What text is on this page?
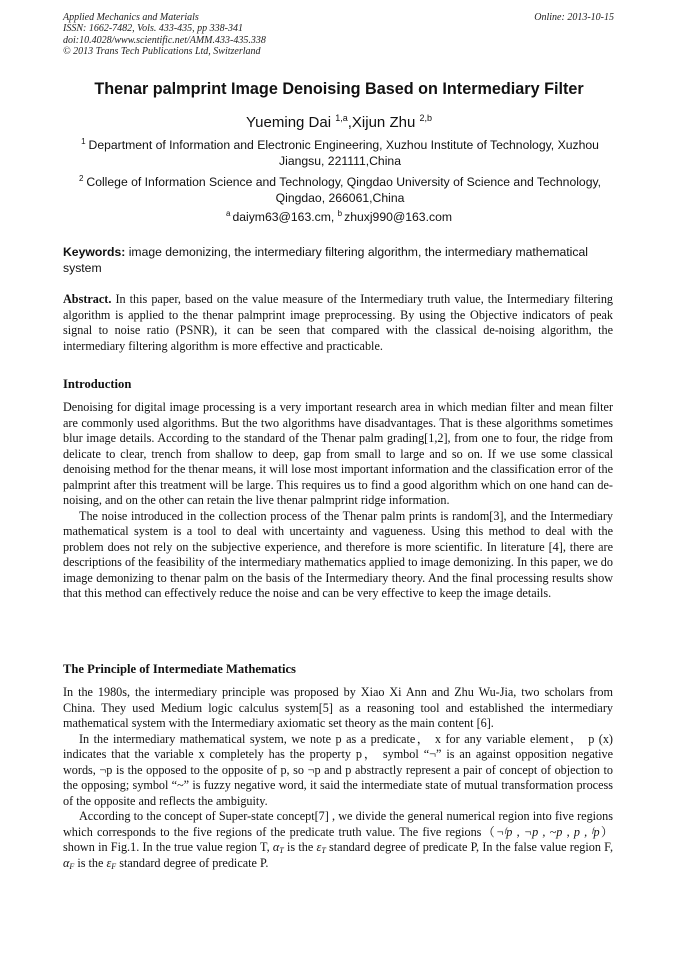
Applied Mechanics and Materials
ISSN: 1662-7482, Vols. 433-435, pp 338-341
doi:10.4028/www.scientific.net/AMM.433-435.338
© 2013 Trans Tech Publications Ltd, Switzerland
Online: 2013-10-15
Thenar palmprint Image Denoising Based on Intermediary Filter
Yueming Dai $^{1,a}$,Xijun Zhu $^{2,b}$
$^1$ Department of Information and Electronic Engineering, Xuzhou Institute of Technology, Xuzhou Jiangsu, 221111,China
$^2$ College of Information Science and Technology, Qingdao University of Science and Technology, Qingdao, 266061,China
$^a$ daiym63@163.cm, $^b$ zhuxj990@163.com
Keywords: image demonizing, the intermediary filtering algorithm, the intermediary mathematical system
Abstract. In this paper, based on the value measure of the Intermediary truth value, the Intermediary filtering algorithm is applied to the thenar palmprint image preprocessing. By using the Objective indicators of peak signal to noise ratio (PSNR), it can be seen that compared with the classical de-noising algorithm, the intermediary filtering algorithm is more effective and practicable.
Introduction

Denoising for digital image processing is a very important research area in which median filter and mean filter are commonly used algorithms. But the two algorithms have disadvantages. That is these algorithms sometimes blur image details. According to the standard of the Thenar palm grading[1,2], from one to four, the ridge from delicate to clear, trench from shallow to deep, gap from small to large and so on. If we use some classical denoising method for the thenar means, it will lose most important information and the classification error of the palmprint after this treatment will be large. This requires us to find a good algorithm which on one hand can de-noising, and on the other can retain the live thenar palmprint ridge information.

The noise introduced in the collection process of the Thenar palm prints is random[3], and the Intermediary mathematical system is a tool to deal with uncertainty and vagueness. Using this method to deal with the problem does not rely on the subjective experience, and therefore is more scientific. In literature [4], there are descriptions of the feasibility of the intermediary mathematics applied to image demonizing. In this paper, we do image demonizing to thenar palm on the basis of the Intermediary theory. And the final processing results show that this method can effectively reduce the noise and can be very effective to keep the image details.

The Principle of Intermediate Mathematics

In the 1980s, the intermediary principle was proposed by Xiao Xi Ann and Zhu Wu-Jia, two scholars from China. They used Medium logic calculus system[5] as a reasoning tool and established the intermediary mathematical system with the Intermediary axiomatic set theory as the main content [6].

In the intermediary mathematical system, we note p as a predicate， x for any variable element， p (x) indicates that the variable x completely has the property p， symbol “¬” is an against opposition negative words, ¬p is the opposed to the opposite of p, so ¬p and p abstractly represent a pair of concept of objection to the opposing; symbol “~” is fuzzy negative word, it said the intermediate state of mutual transformation process of the opposite and reflects the ambiguity.

According to the concept of Super-state concept[7] , we divide the general numerical region into five regions which corresponds to the five regions of the predicate truth value. The five regions（¬ᶠp , ¬p , ~p , p , ᶠp） shown in Fig.1. In the true value region T, $\alpha_T$ is the $\varepsilon_T$ standard degree of predicate P, In the false value region F, $\alpha_F$ is the $\varepsilon_F$ standard degree of predicate P.
